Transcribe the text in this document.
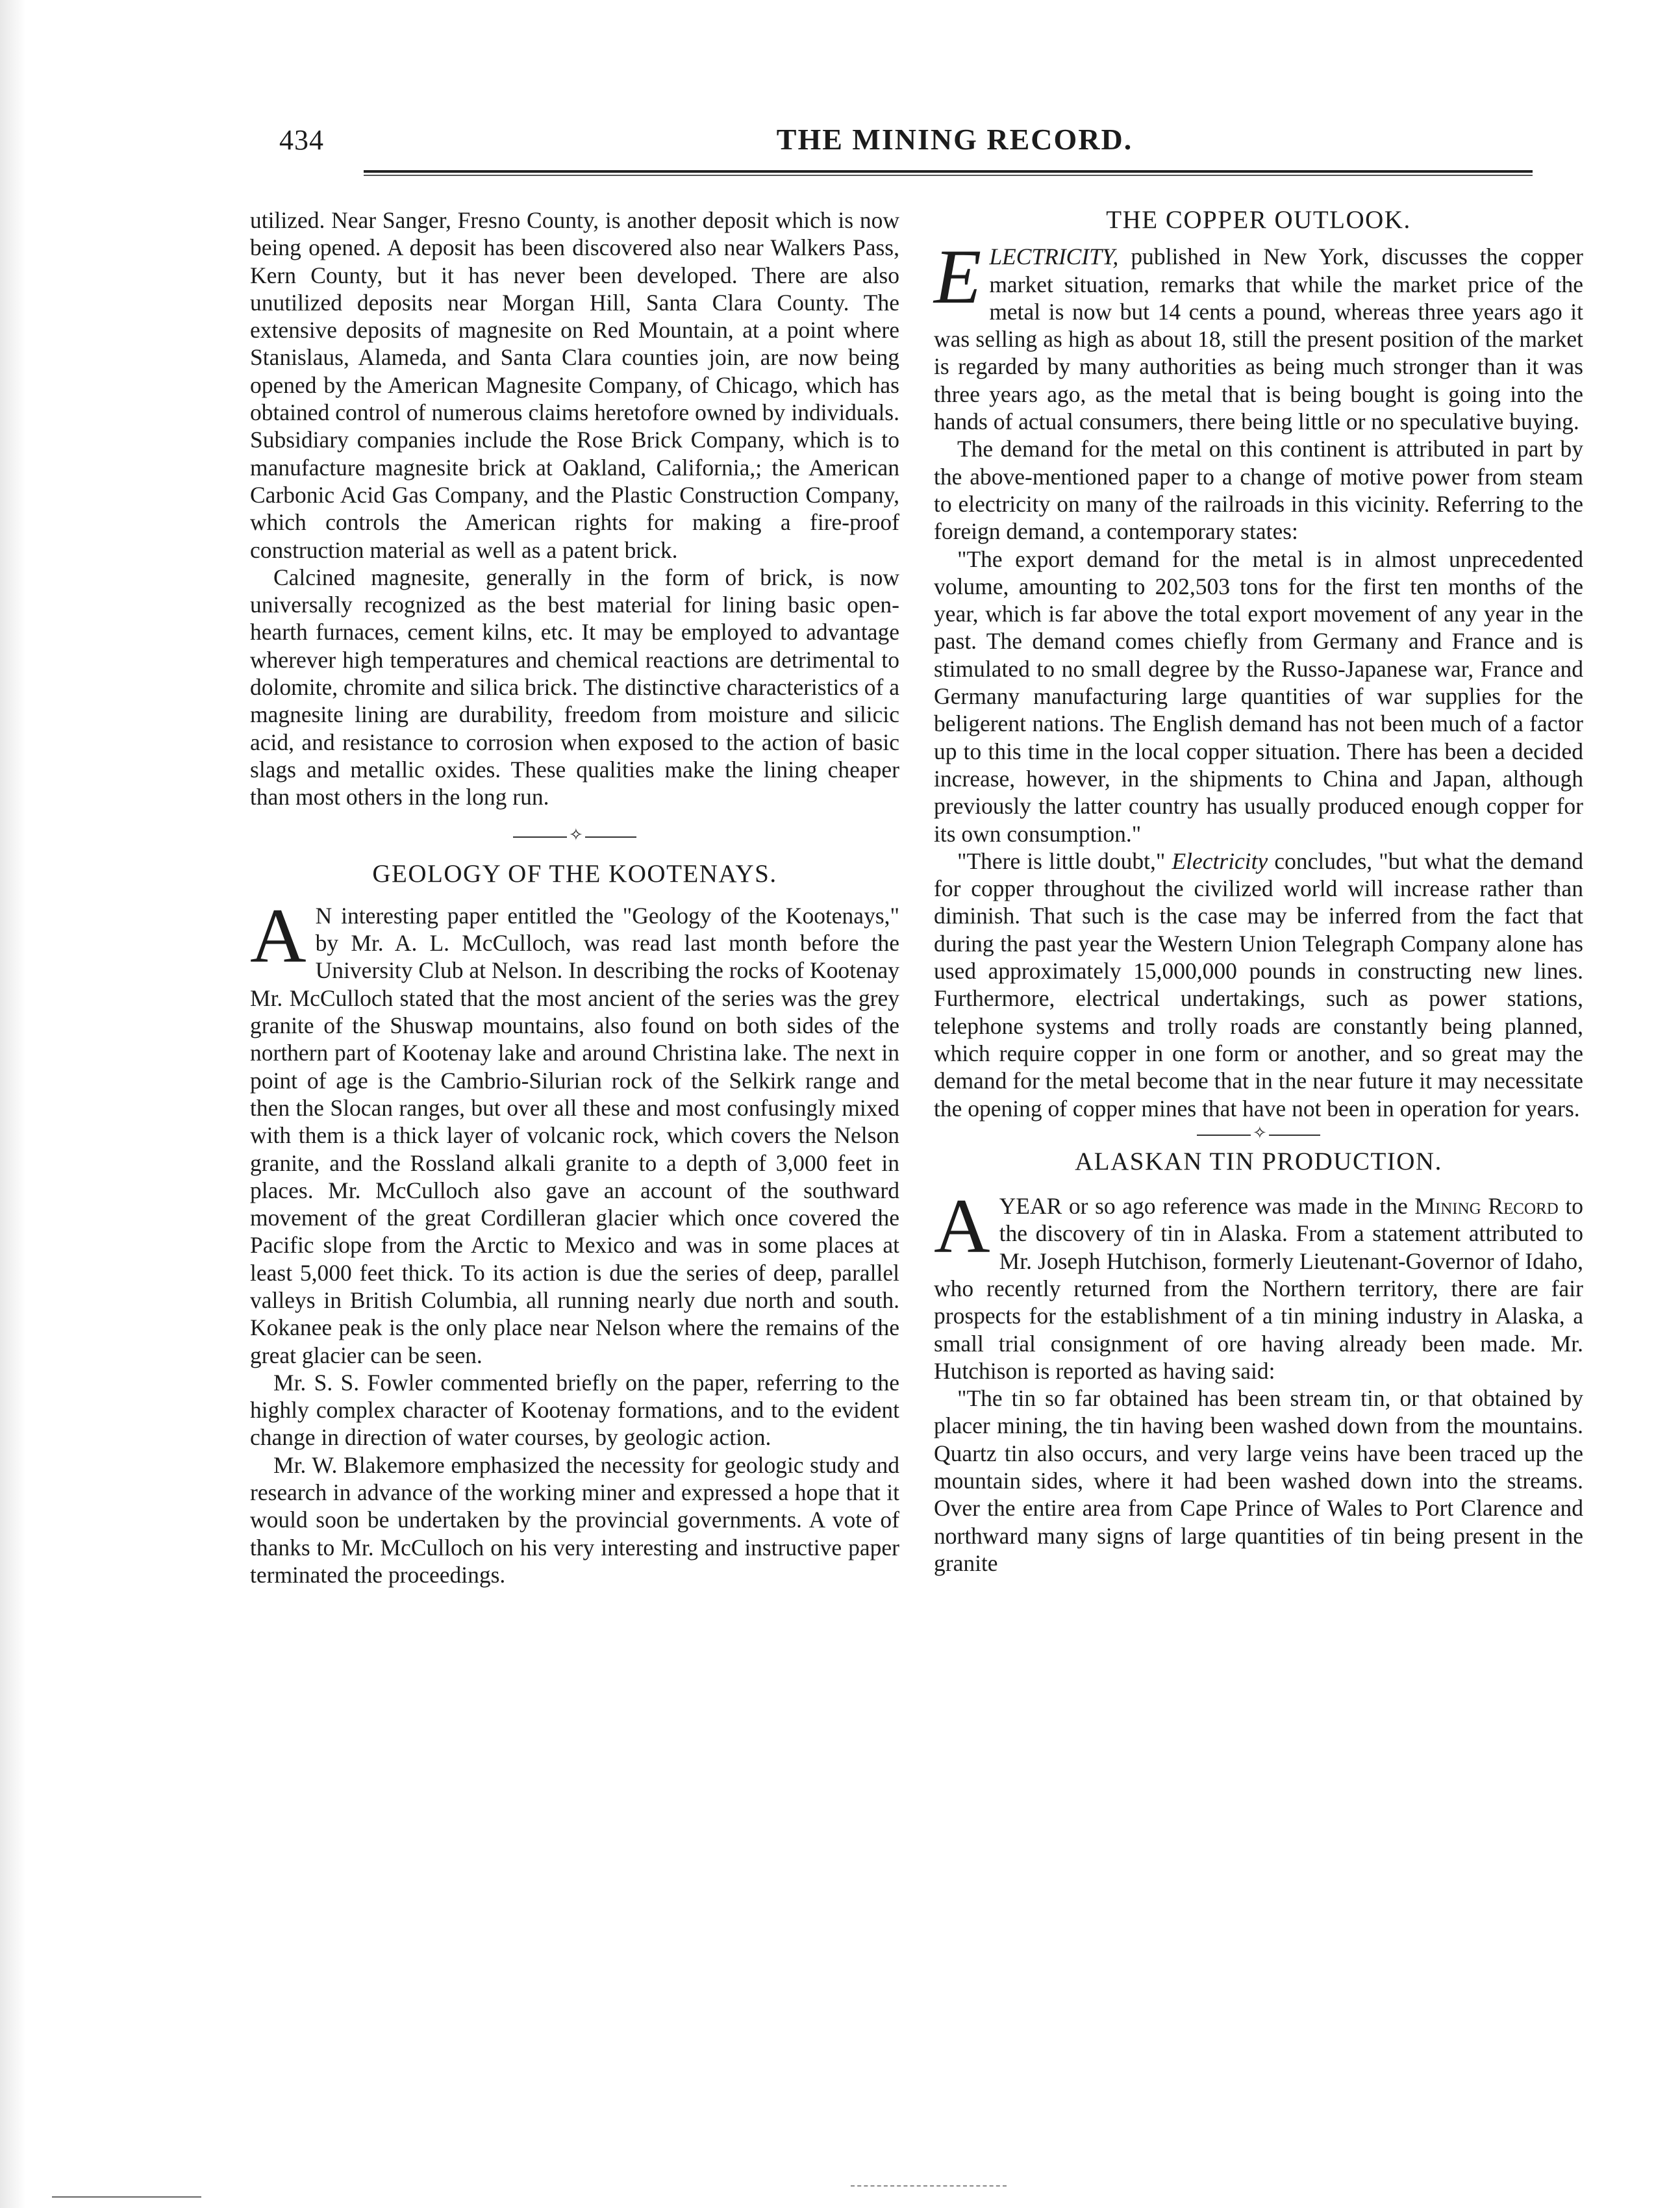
434	THE MINING RECORD.

utilized. Near Sanger, Fresno County, is another deposit which is now being opened. A deposit has been discovered also near Walkers Pass, Kern County, but it has never been developed. There are also unutilized deposits near Morgan Hill, Santa Clara County. The extensive deposits of magnesite on Red Mountain, at a point where Stanislaus, Alameda, and Santa Clara counties join, are now being opened by the American Magnesite Company, of Chicago, which has obtained control of numerous claims heretofore owned by individuals. Subsidiary companies include the Rose Brick Company, which is to manufacture magnesite brick at Oakland, California,; the American Carbonic Acid Gas Company, and the Plastic Construction Company, which controls the American rights for making a fire-proof construction material as well as a patent brick.

Calcined magnesite, generally in the form of brick, is now universally recognized as the best material for lining basic open-hearth furnaces, cement kilns, etc. It may be employed to advantage wherever high temperatures and chemical reactions are detrimental to dolomite, chromite and silica brick. The distinctive characteristics of a magnesite lining are durability, freedom from moisture and silicic acid, and resistance to corrosion when exposed to the action of basic slags and metallic oxides. These qualities make the lining cheaper than most others in the long run.

✧
GEOLOGY OF THE KOOTENAYS.

A N interesting paper entitled the "Geology of the Kootenays," by Mr. A. L. McCulloch, was read last month before the University Club at Nelson. In describing the rocks of Kootenay Mr. McCulloch stated that the most ancient of the series was the grey granite of the Shuswap mountains, also found on both sides of the northern part of Kootenay lake and around Christina lake. The next in point of age is the Cambrio-Silurian rock of the Selkirk range and then the Slocan ranges, but over all these and most confusingly mixed with them is a thick layer of volcanic rock, which covers the Nelson granite, and the Rossland alkali granite to a depth of 3,000 feet in places. Mr. McCulloch also gave an account of the southward movement of the great Cordilleran glacier which once covered the Pacific slope from the Arctic to Mexico and was in some places at least 5,000 feet thick. To its action is due the series of deep, parallel valleys in British Columbia, all running nearly due north and south. Kokanee peak is the only place near Nelson where the remains of the great glacier can be seen.

Mr. S. S. Fowler commented briefly on the paper, referring to the highly complex character of Kootenay formations, and to the evident change in direction of water courses, by geologic action.

Mr. W. Blakemore emphasized the necessity for geologic study and research in advance of the working miner and expressed a hope that it would soon be undertaken by the provincial governments. A vote of thanks to Mr. McCulloch on his very interesting and instructive paper terminated the proceedings.

THE COPPER OUTLOOK.

ELECTRICITY, published in New York, discusses the copper market situation, remarks that while the market price of the metal is now but 14 cents a pound, whereas three years ago it was selling as high as about 18, still the present position of the market is regarded by many authorities as being much stronger than it was three years ago, as the metal that is being bought is going into the hands of actual consumers, there being little or no speculative buying.

The demand for the metal on this continent is attributed in part by the above-mentioned paper to a change of motive power from steam to electricity on many of the railroads in this vicinity. Referring to the foreign demand, a contemporary states:

"The export demand for the metal is in almost unprecedented volume, amounting to 202,503 tons for the first ten months of the year, which is far above the total export movement of any year in the past. The demand comes chiefly from Germany and France and is stimulated to no small degree by the Russo-Japanese war, France and Germany manufacturing large quantities of war supplies for the beligerent nations. The English demand has not been much of a factor up to this time in the local copper situation. There has been a decided increase, however, in the shipments to China and Japan, although previously the latter country has usually produced enough copper for its own consumption."

"There is little doubt," Electricity concludes, "but what the demand for copper throughout the civilized world will increase rather than diminish. That such is the case may be inferred from the fact that during the past year the Western Union Telegraph Company alone has used approximately 15,000,000 pounds in constructing new lines. Furthermore, electrical undertakings, such as power stations, telephone systems and trolly roads are constantly being planned, which require copper in one form or another, and so great may the demand for the metal become that in the near future it may necessitate the opening of copper mines that have not been in operation for years.

✧
ALASKAN TIN PRODUCTION.

A YEAR or so ago reference was made in the Mining Record to the discovery of tin in Alaska. From a statement attributed to Mr. Joseph Hutchison, formerly Lieutenant-Governor of Idaho, who recently returned from the Northern territory, there are fair prospects for the establishment of a tin mining industry in Alaska, a small trial consignment of ore having already been made. Mr. Hutchison is reported as having said:

"The tin so far obtained has been stream tin, or that obtained by placer mining, the tin having been washed down from the mountains. Quartz tin also occurs, and very large veins have been traced up the mountain sides, where it had been washed down into the streams. Over the entire area from Cape Prince of Wales to Port Clarence and northward many signs of large quantities of tin being present in the granite
